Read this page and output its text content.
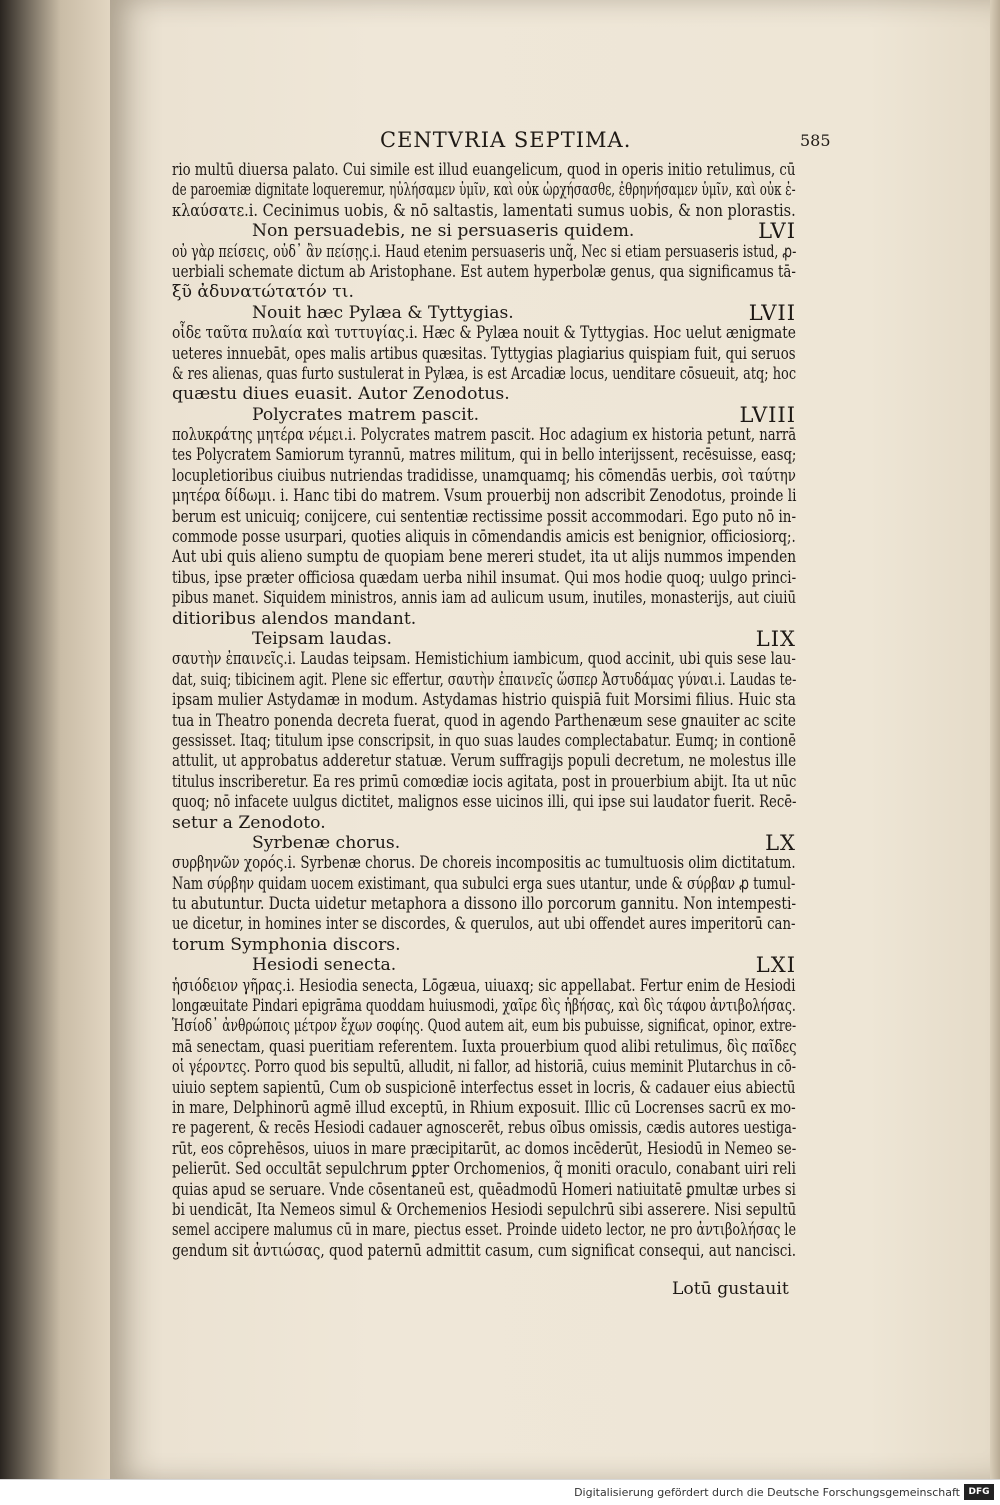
CENTVRIA SEPTIMA.	585
rio multū diuersa palato. Cui simile est illud euangelicum, quod in operis initio retulimus, cū
de paroemiæ dignitate loqueremur, ηὐλήσαμεν ὑμῖν, καὶ οὐκ ὠρχήσασθε, ἐθρηνήσαμεν ὑμῖν, καὶ οὐκ ἐ-
κλαύσατε.i. Cecinimus uobis, & nō saltastis, lamentati sumus uobis, & non plorastis.
LVI
Non persuadebis, ne si persuaseris quidem.
οὐ γὰρ πείσεις, οὐδ᾽ ἂν πείσῃς.i. Haud etenim persuaseris unq̃, Nec si etiam persuaseris istud, ꝓ-
uerbiali schemate dictum ab Aristophane. Est autem hyperbolæ genus, qua significamus tā-
ξῦ ἀδυνατώτατόν τι.
LVII
Nouit hæc Pylæa & Tyttygias.
οἶδε ταῦτα πυλαία καὶ τυττυγίας.i. Hæc & Pylæa nouit & Tyttygias. Hoc uelut ænigmate
ueteres innuebāt, opes malis artibus quæsitas. Tyttygias plagiarius quispiam fuit, qui seruos
& res alienas, quas furto sustulerat in Pylæa, is est Arcadiæ locus, uenditare cōsueuit, atq; hoc
quæstu diues euasit. Autor Zenodotus.
LVIII
Polycrates matrem pascit.
πολυκράτης μητέρα νέμει.i. Polycrates matrem pascit. Hoc adagium ex historia petunt, narrā
tes Polycratem Samiorum tyrannū, matres militum, qui in bello interijssent, recēsuisse, easq;
locupletioribus ciuibus nutriendas tradidisse, unamquamq; his cōmendās uerbis, σοὶ ταύτην
μητέρα δίδωμι. i. Hanc tibi do matrem. Vsum prouerbij non adscribit Zenodotus, proinde li
berum est unicuiq; conijcere, cui sententiæ rectissime possit accommodari. Ego puto nō in-
commode posse usurpari, quoties aliquis in cōmendandis amicis est benignior, officiosiorq;.
Aut ubi quis alieno sumptu de quopiam bene mereri studet, ita ut alijs nummos impenden
tibus, ipse præter officiosa quædam uerba nihil insumat. Qui mos hodie quoq; uulgo princi-
pibus manet. Siquidem ministros, annis iam ad aulicum usum, inutiles, monasterijs, aut ciuiū
ditioribus alendos mandant.
LIX
Teipsam laudas.
σαυτὴν ἐπαινεῖς.i. Laudas teipsam. Hemistichium iambicum, quod accinit, ubi quis sese lau-
dat, suiq; tibicinem agit. Plene sic effertur, σαυτὴν ἐπαινεῖς ὥσπερ Ἀστυδάμας γύναι.i. Laudas te-
ipsam mulier Astydamæ in modum. Astydamas histrio quispiā fuit Morsimi filius. Huic sta
tua in Theatro ponenda decreta fuerat, quod in agendo Parthenæum sese gnauiter ac scite
gessisset. Itaq; titulum ipse conscripsit, in quo suas laudes complectabatur. Eumq; in contionē
attulit, ut approbatus adderetur statuæ. Verum suffragijs populi decretum, ne molestus ille
titulus inscriberetur. Ea res primū comœdiæ iocis agitata, post in prouerbium abijt. Ita ut nūc
quoq; nō infacete uulgus dictitet, malignos esse uicinos illi, qui ipse sui laudator fuerit. Recē-
setur a Zenodoto.
LX
Syrbenæ chorus.
συρβηνῶν χορός.i. Syrbenæ chorus. De choreis incompositis ac tumultuosis olim dictitatum.
Nam σύρβην quidam uocem existimant, qua subulci erga sues utantur, unde & σύρβαν ꝓ tumul-
tu abutuntur. Ducta uidetur metaphora a dissono illo porcorum gannitu. Non intempesti-
ue dicetur, in homines inter se discordes, & querulos, aut ubi offendet aures imperitorū can-
torum Symphonia discors.
LXI
Hesiodi senecta.
ἡσιόδειον γῆρας.i. Hesiodia senecta, Lōgæua, uiuaxq; sic appellabat. Fertur enim de Hesiodi
longæuitate Pindari epigrāma quoddam huiusmodi, χαῖρε δὶς ἡβήσας, καὶ δὶς τάφου ἀντιβολήσας.
Ἡσίοδ᾽ ἀνθρώποις μέτρον ἔχων σοφίης. Quod autem ait, eum bis pubuisse, significat, opinor, extre-
mā senectam, quasi pueritiam referentem. Iuxta prouerbium quod alibi retulimus, δὶς παῖδες
οἱ γέροντες. Porro quod bis sepultū, alludit, ni fallor, ad historiā, cuius meminit Plutarchus in cō-
uiuio septem sapientū, Cum ob suspicionē interfectus esset in locris, & cadauer eius abiectū
in mare, Delphinorū agmē illud exceptū, in Rhium exposuit. Illic cū Locrenses sacrū ex mo-
re pagerent, & recēs Hesiodi cadauer agnoscerēt, rebus oībus omissis, cædis autores uestiga-
rūt, eos cōprehēsos, uiuos in mare præcipitarūt, ac domos incēderūt, Hesiodū in Nemeo se-
pelierūt. Sed occultāt sepulchrum ꝑpter Orchomenios, q̃ moniti oraculo, conabant uiri reli
quias apud se seruare. Vnde cōsentaneū est, quēadmodū Homeri natiuitatē ꝑmultæ urbes si
bi uendicāt, Ita Nemeos simul & Orchemenios Hesiodi sepulchrū sibi asserere. Nisi sepultū
semel accipere malumus cū in mare, piectus esset. Proinde uideto lector, ne pro ἀντιβολήσας le
gendum sit ἀντιώσας, quod paternū admittit casum, cum significat consequi, aut nancisci.
Lotū gustauit
Digitalisierung gefördert durch die Deutsche Forschungsgemeinschaft DFG
